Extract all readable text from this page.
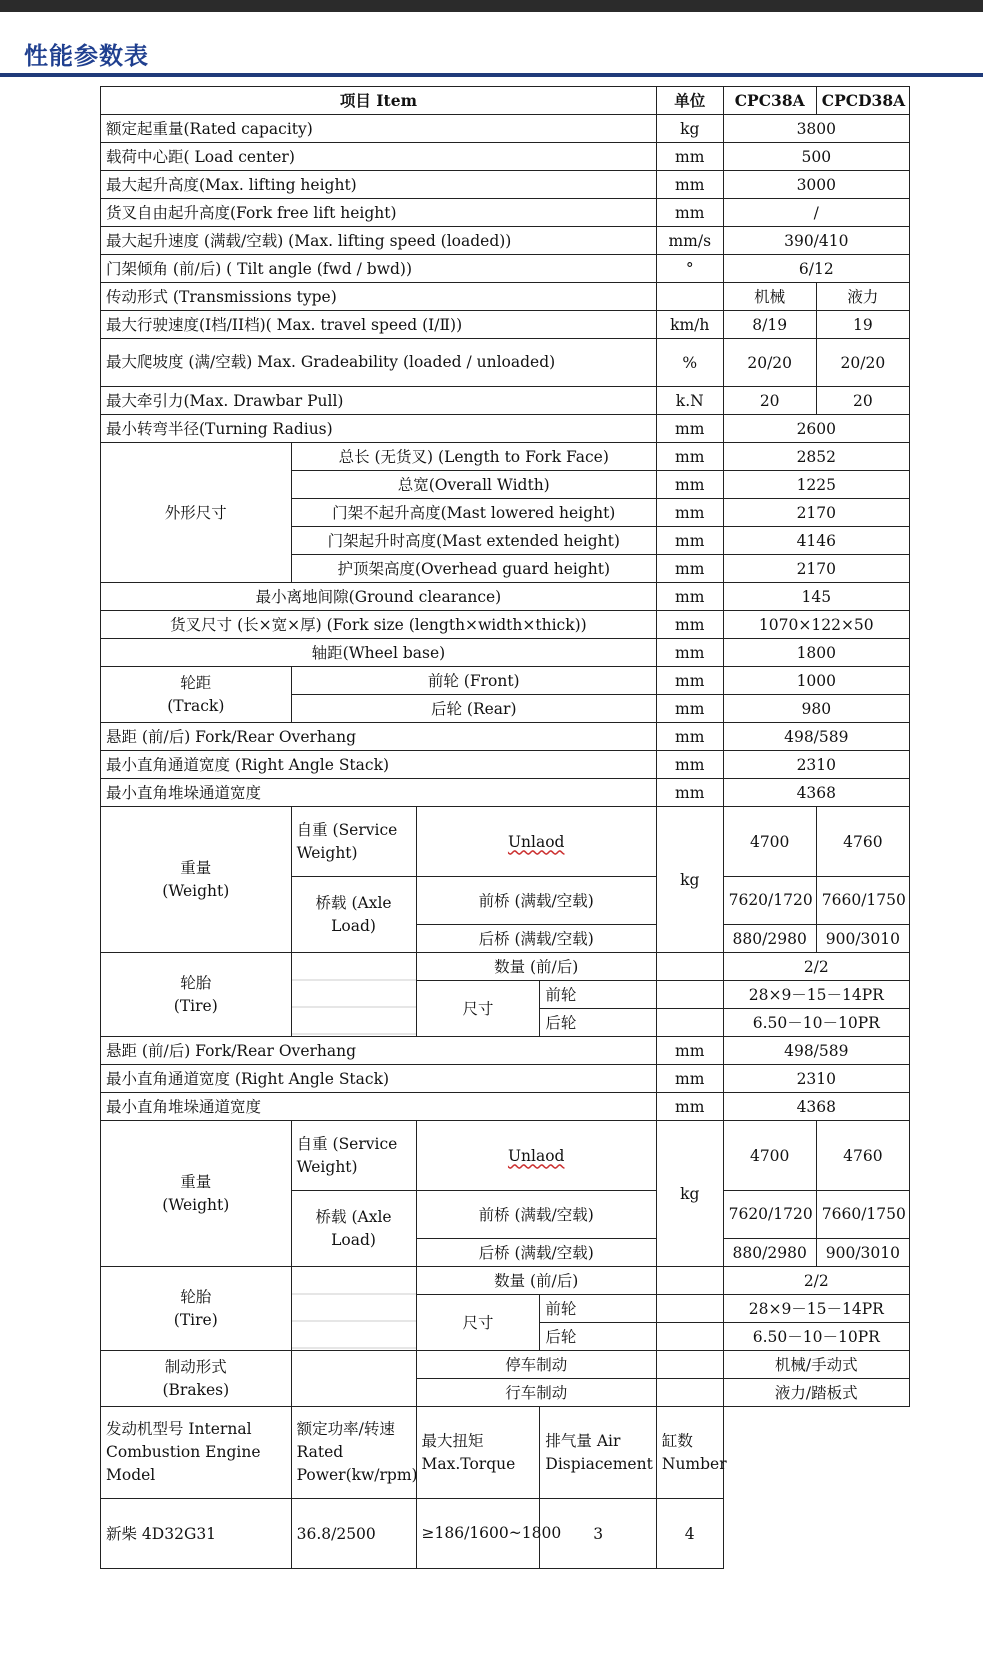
性能参数表
项目 Item				单位	CPC38A	CPCD38A
额定起重量(Rated capacity)				kg	3800	
载荷中心距( Load center)				mm	500	
最大起升高度(Max. lifting height)				mm	3000	
货叉自由起升高度(Fork free lift height)				mm	/	
最大起升速度 (满载/空载) (Max. lifting speed (loaded))				mm/s	390/410	
门架倾角 (前/后) ( Tilt angle (fwd / bwd))				°	6/12	
传动形式 (Transmissions type)					机械	液力
最大行驶速度(I档/II档)( Max. travel speed (Ⅰ/Ⅱ))				km/h	8/19	19
最大爬坡度 (满/空载) Max. Gradeability (loaded / unloaded)				%	20/20	20/20
最大牵引力(Max. Drawbar Pull)				k.N	20	20
最小转弯半径(Turning Radius)				mm	2600	
外形尺寸	总长 (无货叉) (Length to Fork Face)			mm	2852	
	总宽(Overall Width)			mm	1225	
	门架不起升高度(Mast lowered height)			mm	2170	
	门架起升时高度(Mast extended height)			mm	4146	
	护顶架高度(Overhead guard height)			mm	2170	
最小离地间隙(Ground clearance)				mm	145	
货叉尺寸 (长×宽×厚) (Fork size (length×width×thick))				mm	1070×122×50	
轴距(Wheel base)				mm	1800	
轮距
(Track)	前轮 (Front)			mm	1000	
	后轮 (Rear)			mm	980	
悬距 (前/后) Fork/Rear Overhang				mm	498/589	
最小直角通道宽度 (Right Angle Stack)				mm	2310	
最小直角堆垛通道宽度				mm	4368	
重量
(Weight)	自重 (Service Weight)	Unlaod		kg	4700	4760
	桥载 (Axle Load)	前桥 (满载/空载)			7620/1720	7660/1750
		后桥 (满载/空载)			880/2980	900/3010
轮胎
(Tire)		数量 (前/后)			2/2	
		尺寸	前轮		28×9－15－14PR	
			后轮		6.50－10－10PR	
悬距 (前/后) Fork/Rear Overhang				mm	498/589	
最小直角通道宽度 (Right Angle Stack)				mm	2310	
最小直角堆垛通道宽度				mm	4368	
重量
(Weight)	自重 (Service Weight)	Unlaod		kg	4700	4760
	桥载 (Axle Load)	前桥 (满载/空载)			7620/1720	7660/1750
		后桥 (满载/空载)			880/2980	900/3010
轮胎
(Tire)		数量 (前/后)			2/2	
		尺寸	前轮		28×9－15－14PR	
			后轮		6.50－10－10PR	
制动形式
(Brakes)		停车制动			机械/手动式	
		行车制动			液力/踏板式	
发动机型号 Internal Combustion Engine Model	额定功率/转速 Rated Power(kw/rpm)	最大扭矩 Max.Torque	排气量 Air Dispiacement	缸数 Number		
新柴 4D32G31	36.8/2500	≥186/1600~1800	3	4		
